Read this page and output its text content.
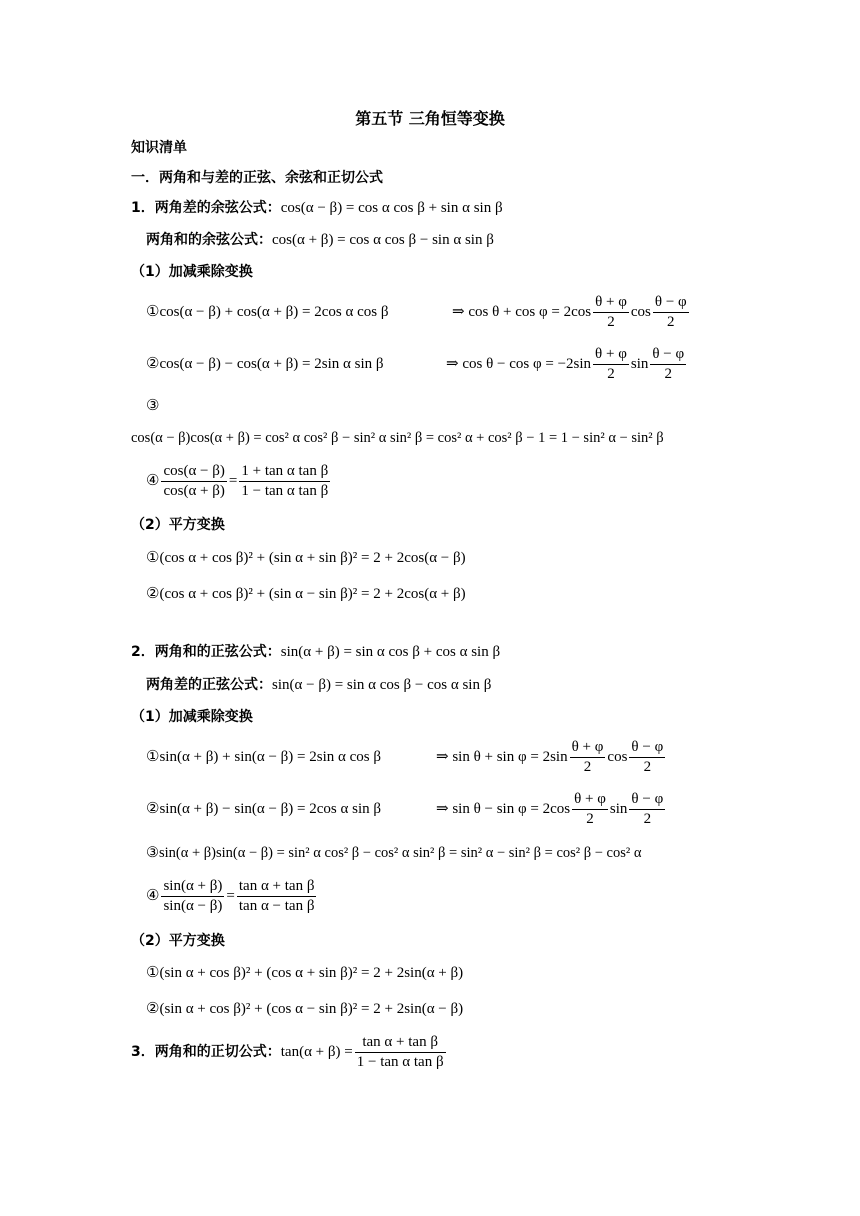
第五节 三角恒等变换
知识清单
一．两角和与差的正弦、余弦和正切公式
1．两角差的余弦公式：cos(α − β) = cos α cos β + sin α sin β
两角和的余弦公式：cos(α + β) = cos α cos β − sin α sin β
（1）加减乘除变换
①cos(α − β) + cos(α + β) = 2cos α cos β	⇒ $\cos \theta + \cos \varphi = 2\cos \frac{\theta + \varphi}{2}$ $\cos \frac{\theta - \varphi}{2}$
②cos(α − β) − cos(α + β) = 2sin α sin β	⇒ $\cos \theta - \cos \varphi = -2\sin \frac{\theta + \varphi}{2}$ $\sin \frac{\theta - \varphi}{2}$
③
cos(α − β)cos(α + β) = cos² α cos² β − sin² α sin² β = cos² α + cos² β − 1 = 1 − sin² α − sin² β
④ $\frac{\cos(\alpha - \beta)}{\cos(\alpha + \beta)} = \frac{\text{1 + tan α tan β}}{\text{1 − tan α tan β}}$
（2）平方变换
①(cos α + cos β)² + (sin α + sin β)² = 2 + 2cos(α − β)
②(cos α + cos β)² + (sin α − sin β)² = 2 + 2cos(α + β)
2．两角和的正弦公式：sin(α + β) = sin α cos β + cos α sin β
两角差的正弦公式：sin(α − β) = sin α cos β − cos α sin β
（1）加减乘除变换
①sin(α + β) + sin(α − β) = 2sin α cos β	⇒ $\sin \theta + \sin \varphi = 2\sin \frac{\theta + \varphi}{2}$ $\cos \frac{\theta - \varphi}{2}$
②sin(α + β) − sin(α − β) = 2cos α sin β	⇒ $\sin \theta - \sin \varphi = 2\cos \frac{\theta + \varphi}{2}$ $\sin \frac{\theta - \varphi}{2}$
③sin(α + β)sin(α − β) = sin² α cos² β − cos² α sin² β = sin² α − sin² β = cos² β − cos² α
④ $\frac{\sin(\alpha + \beta)}{\sin(\alpha - \beta)} = \frac{\text{tan α + tan β}}{\text{tan α − tan β}}$
（2）平方变换
①(sin α + cos β)² + (cos α + sin β)² = 2 + 2sin(α + β)
②(sin α + cos β)² + (cos α − sin β)² = 2 + 2sin(α − β)
3．两角和的正切公式：$\tan(\alpha + \beta) = \frac{\text{tan α + tan β}}{\text{1 − tan α tan β}}$
